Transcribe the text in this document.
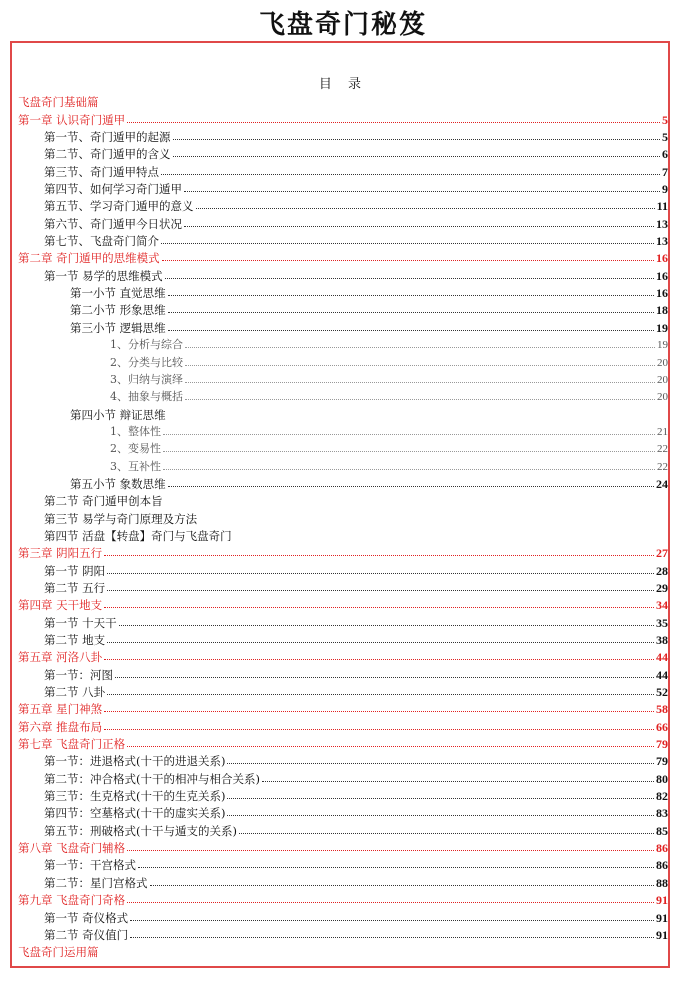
飞盘奇门秘笈
目 录
飞盘奇门基础篇
第一章 认识奇门遁甲	5
第一节、奇门遁甲的起源	5
第二节、奇门遁甲的含义	6
第三节、奇门遁甲特点	7
第四节、如何学习奇门遁甲	9
第五节、学习奇门遁甲的意义	11
第六节、奇门遁甲今日状况	13
第七节、飞盘奇门简介	13
第二章 奇门遁甲的思维模式	16
第一节 易学的思维模式	16
第一小节 直觉思维	16
第二小节 形象思维	18
第三小节 逻辑思维	19
1、分析与综合	19
2、分类与比较	20
3、归纳与演绎	20
4、抽象与概括	20
第四小节 辩证思维
1、整体性	21
2、变易性	22
3、互补性	22
第五小节 象数思维	24
第二节 奇门遁甲创本旨
第三节 易学与奇门原理及方法
第四节 活盘【转盘】奇门与飞盘奇门
第三章 阴阳五行	27
第一节 阴阳	28
第二节 五行	29
第四章 天干地支	34
第一节 十天干	35
第二节 地支	38
第五章 河洛八卦	44
第一节：河图	44
第二节 八卦	52
第五章 星门神煞	58
第六章 推盘布局	66
第七章 飞盘奇门正格	79
第一节：进退格式(十干的进退关系)	79
第二节：冲合格式(十干的相冲与相合关系)	80
第三节：生克格式(十干的生克关系)	82
第四节：空墓格式(十干的虚实关系)	83
第五节：刑破格式(十干与遁支的关系)	85
第八章 飞盘奇门辅格	86
第一节：干宫格式	86
第二节：星门宫格式	88
第九章 飞盘奇门奇格	91
第一节 奇仪格式	91
第二节 奇仪值门	91
飞盘奇门运用篇
